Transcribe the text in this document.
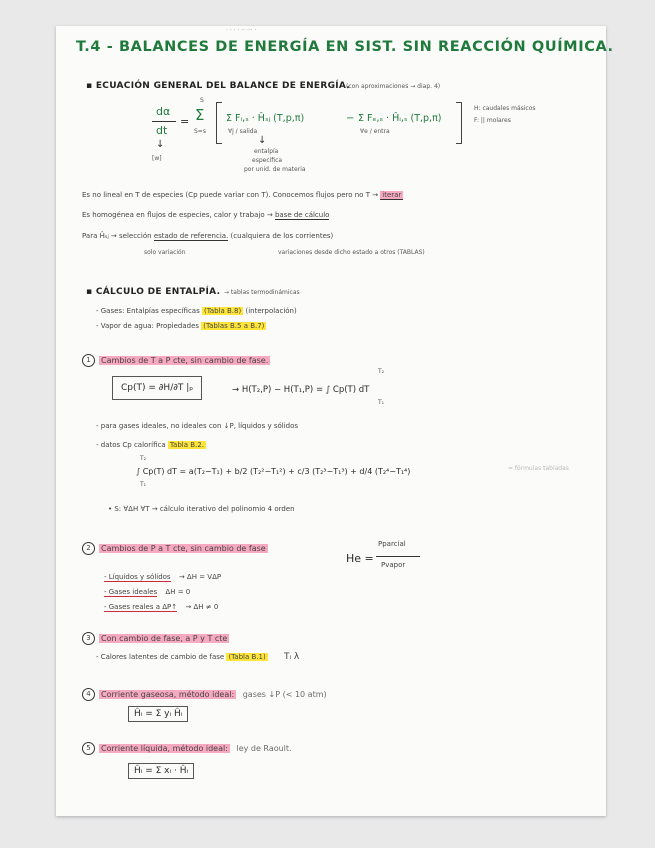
· · · · ·· ··· ·
T.4 - BALANCES DE ENERGÍA EN SIST. SIN REACCIÓN QUÍMICA.
▪ ECUACIÓN GENERAL DEL BALANCE DE ENERGÍA.
(con aproximaciones → diap. 4)
dα
dt
=
S
Σ
S=s
Σ Fᵢ,ₛ · Ĥₛⱼ (T,p,π)
∀j / salida
− Σ Fₑ,ₛ · Ĥᵢ,ₛ (T,p,π)
∀e / entra
H: caudales másicos
F: || molares
↓
[w]
↓
entalpía
específica
por unid. de materia
Es no lineal en T de especies (Cp puede variar con T). Conocemos flujos pero no T → iterar
Es homogénea en flujos de especies, calor y trabajo → base de cálculo
Para Ĥₛⱼ → selección estado de referencia. (cualquiera de los corrientes)
solo variación	variaciones desde dicho estado a otros (TABLAS)
▪ CÁLCULO DE ENTALPÍA. → tablas termodinámicas
- Gases: Entalpías específicas (Tabla B.8) (interpolación)
- Vapor de agua: Propiedades (Tablas B.5 a B.7)
1 Cambios de T a P cte, sin cambio de fase.
Cp(T) = ∂H/∂T |ₚ	→ H(T₂,P) − H(T₁,P) = ∫ Cp(T) dT
T₂
T₁
- para gases ideales, no ideales con ↓P, líquidos y sólidos
- datos Cp calorífica Tabla B.2.
∫ Cp(T) dT = a(T₂−T₁) + b/2 (T₂²−T₁²) + c/3 (T₂³−T₁³) + d/4 (T₂⁴−T₁⁴)
T₂
T₁
= fórmulas tabladas
• S: ∀ΔH ∀T → cálculo iterativo del polinomio 4 orden
2 Cambios de P a T cte, sin cambio de fase
He =
Pparcial
Pvapor
- Líquidos y sólidos → ΔH = VΔP
- Gases ideales ΔH = 0
- Gases reales a ΔP↑ → ΔH ≠ 0
3 Con cambio de fase, a P y T cte
- Calores latentes de cambio de fase (Tabla B.1) Tᵢ λ
4 Corriente gaseosa, método ideal: gases ↓P (< 10 atm)
Ĥᵢ = Σ yᵢ Ĥᵢ
5 Corriente líquida, método ideal: ley de Raoult.
Ĥᵢ = Σ xᵢ · Ĥᵢ
